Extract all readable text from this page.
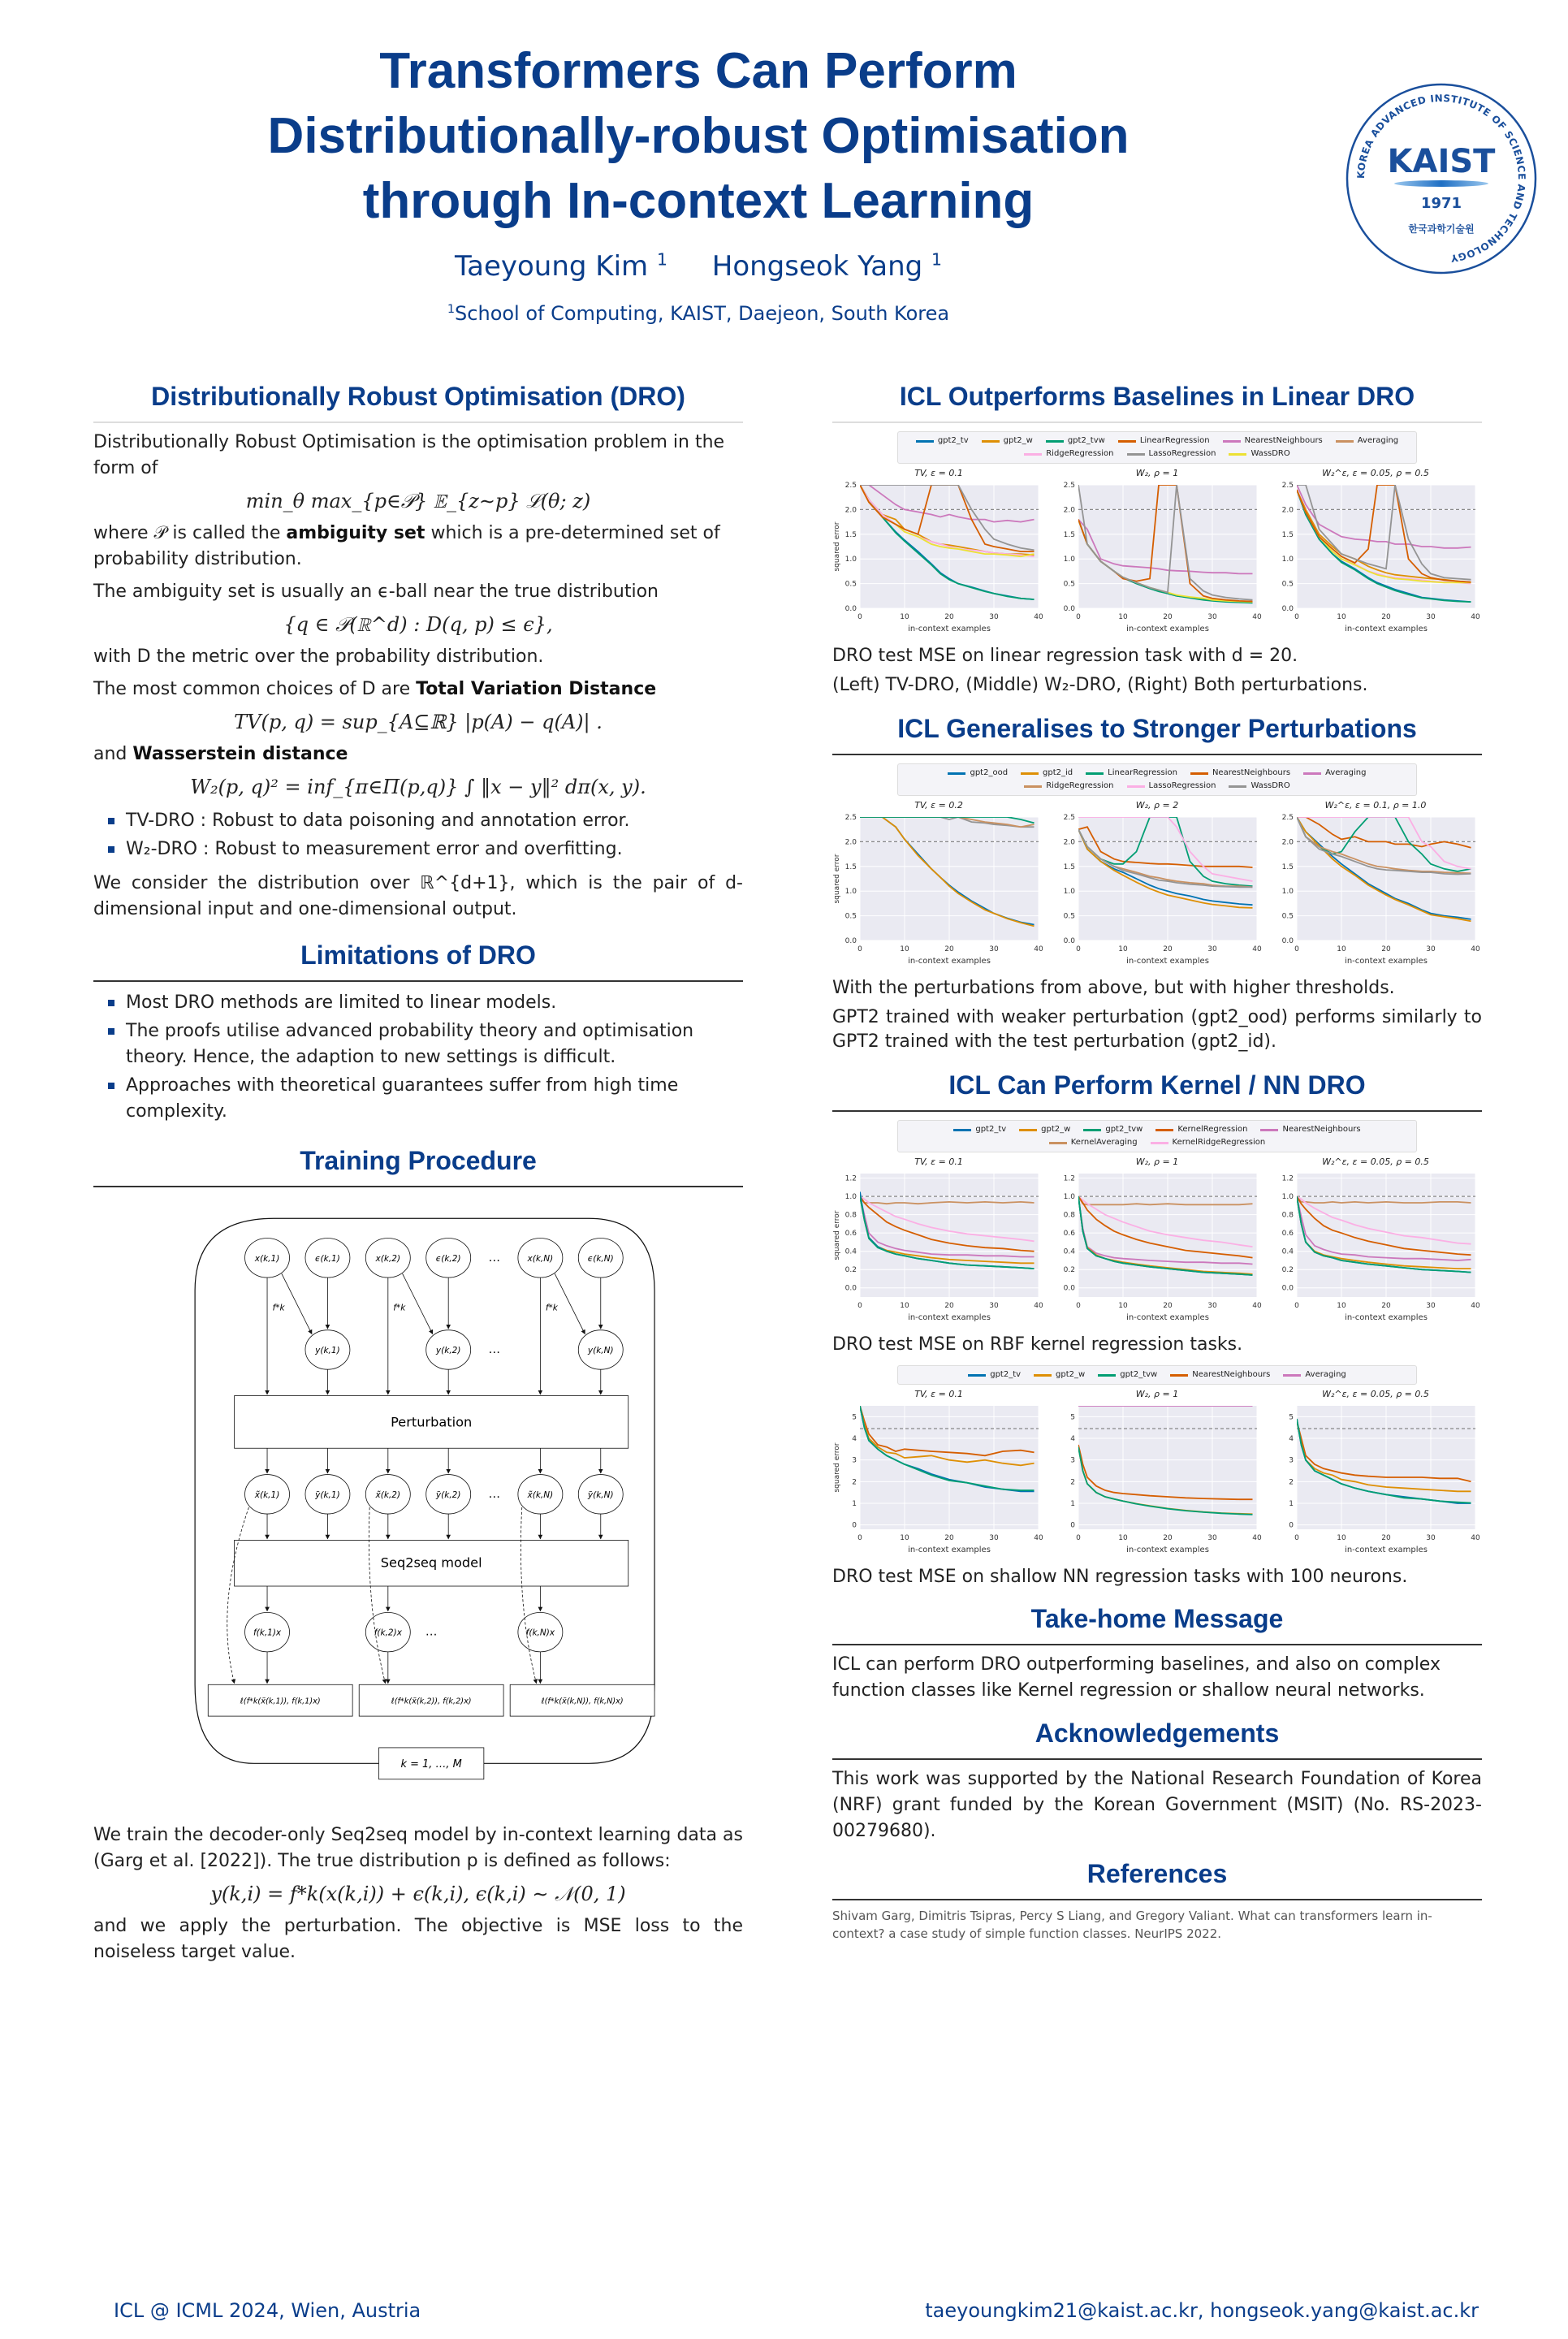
Transformers Can Perform
Distributionally-robust Optimisation
through In-context Learning
Taeyoung Kim $^1$ Hongseok Yang $^1$
$^1$School of Computing, KAIST, Daejeon, South Korea
KOREA ADVANCED INSTITUTE OF SCIENCE AND TECHNOLOGY
KAIST
1971
한국과학기술원
Distributionally Robust Optimisation (DRO)

Distributionally Robust Optimisation is the optimisation problem in the form of

min_θ max_{p∈𝒫} 𝔼_{z∼p} ℒ(θ; z)

where 𝒫 is called the ambiguity set which is a pre-determined set of probability distribution.

The ambiguity set is usually an ϵ-ball near the true distribution

{q ∈ 𝒫(ℝ^d) : D(q, p) ≤ ϵ},

with D the metric over the probability distribution.

The most common choices of D are Total Variation Distance

TV(p, q) = sup_{A⊆ℝ} |p(A) − q(A)| .

and Wasserstein distance

W₂(p, q)² = inf_{π∈Π(p,q)} ∫ ‖x − y‖² dπ(x, y).
TV-DRO : Robust to data poisoning and annotation error.
W₂-DRO : Robust to measurement error and overfitting.

We consider the distribution over ℝ^{d+1}, which is the pair of d-dimensional input and one-dimensional output.

Limitations of DRO
Most DRO methods are limited to linear models.
The proofs utilise advanced probability theory and optimisation theory. Hence, the adaption to new settings is difficult.
Approaches with theoretical guarantees suffer from high time complexity.
Training Procedure
x(k,1)	ϵ(k,1)	x(k,2)	ϵ(k,2)	x(k,N)	ϵ(k,N)
…
f*k
y(k,1)
f*k
y(k,2)
f*k
y(k,N)
…
Perturbation
x̃(k,1)	ỹ(k,1)	x̃(k,2)	ỹ(k,2)	x̃(k,N)	ỹ(k,N)
…
Seq2seq model
f(k,1)x
ℓ(f*k(x̃(k,1)), f(k,1)x)
f(k,2)x
ℓ(f*k(x̃(k,2)), f(k,2)x)
f(k,N)x
ℓ(f*k(x̃(k,N)), f(k,N)x)
…
k = 1, …, M

We train the decoder-only Seq2seq model by in-context learning data as (Garg et al. [2022]). The true distribution p is defined as follows:

y(k,i) = f*k(x(k,i)) + ϵ(k,i), ϵ(k,i) ∼ 𝒩(0, 1)

and we apply the perturbation. The objective is MSE loss to the noiseless target value.

ICL Outperforms Baselines in Linear DRO
gpt2_tv	gpt2_w	gpt2_tvw	LinearRegression	NearestNeighbours	Averaging
RidgeRegression	LassoRegression	WassDRO
TV, ε = 0.1
0	10	20	30	40
0.0
0.5
1.0
1.5
2.0
2.5
in-context examples
squared error
W₂, ρ = 1
0	10	20	30	40
0.0
0.5
1.0
1.5
2.0
2.5
in-context examples
W₂^ε, ε = 0.05, ρ = 0.5
0	10	20	30	40
0.0
0.5
1.0
1.5
2.0
2.5
in-context examples

DRO test MSE on linear regression task with d = 20.

(Left) TV-DRO, (Middle) W₂-DRO, (Right) Both perturbations.

ICL Generalises to Stronger Perturbations
gpt2_ood	gpt2_id	LinearRegression	NearestNeighbours	Averaging
RidgeRegression	LassoRegression	WassDRO
TV, ε = 0.2
0	10	20	30	40
0.0
0.5
1.0
1.5
2.0
2.5
in-context examples
squared error
W₂, ρ = 2
0	10	20	30	40
0.0
0.5
1.0
1.5
2.0
2.5
in-context examples
W₂^ε, ε = 0.1, ρ = 1.0
0	10	20	30	40
0.0
0.5
1.0
1.5
2.0
2.5
in-context examples

With the perturbations from above, but with higher thresholds.

GPT2 trained with weaker perturbation (gpt2_ood) performs similarly to GPT2 trained with the test perturbation (gpt2_id).

ICL Can Perform Kernel / NN DRO
gpt2_tv	gpt2_w	gpt2_tvw	KernelRegression	NearestNeighbours
KernelAveraging	KernelRidgeRegression
TV, ε = 0.1
0	10	20	30	40
0.0
0.2
0.4
0.6
0.8
1.0
1.2
in-context examples
squared error
W₂, ρ = 1
0	10	20	30	40
0.0
0.2
0.4
0.6
0.8
1.0
1.2
in-context examples
W₂^ε, ε = 0.05, ρ = 0.5
0	10	20	30	40
0.0
0.2
0.4
0.6
0.8
1.0
1.2
in-context examples

DRO test MSE on RBF kernel regression tasks.

gpt2_tv	gpt2_w	gpt2_tvw	NearestNeighbours	Averaging
TV, ε = 0.1
0	10	20	30	40
0
1
2
3
4
5
in-context examples
squared error
W₂, ρ = 1
0	10	20	30	40
0
1
2
3
4
5
in-context examples
W₂^ε, ε = 0.05, ρ = 0.5
0	10	20	30	40
0
1
2
3
4
5
in-context examples

DRO test MSE on shallow NN regression tasks with 100 neurons.

Take-home Message

ICL can perform DRO outperforming baselines, and also on complex function classes like Kernel regression or shallow neural networks.

Acknowledgements

This work was supported by the National Research Foundation of Korea (NRF) grant funded by the Korean Government (MSIT) (No. RS-2023-00279680).

References

Shivam Garg, Dimitris Tsipras, Percy S Liang, and Gregory Valiant. What can transformers learn in-context? a case study of simple function classes. NeurIPS 2022.

ICL @ ICML 2024, Wien, Austria	taeyoungkim21@kaist.ac.kr, hongseok.yang@kaist.ac.kr
